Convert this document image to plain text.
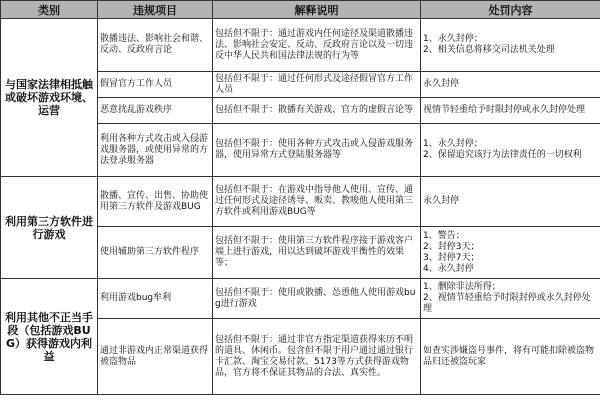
类别	违规项目	解释说明	处罚内容
与国家法律相抵触或破坏游戏环境、运营	散播违法、影响社会和谐、反动、反政府言论	包括但不限于：通过游戏内任何途径及渠道散播违法、影响社会安定、反动、反政府言论以及一切违反中华人民共和国法律法规的行为等	1、永久封停；
2、相关信息将移交司法机关处理
	假冒官方工作人员	包括但不限于：通过任何形式及途径假冒官方工作人员	永久封停
	恶意扰乱游戏秩序	包括但不限于：散播有关游戏、官方的虚假言论等	视情节轻重给予时限封停或永久封停处理
	利用各种方式攻击或入侵游戏服务器，或使用异常的方法登录服务器	包括但不限于：使用各种方式攻击或入侵游戏服务器，使用异常方式登陆服务器等	1、永久封停；
2、保留追究该行为法律责任的一切权利
利用第三方软件进行游戏	散播、宣传、出售、协助使用第三方软件及游戏BUG	包括但不限于：在游戏中指导他人使用、宣传、通过任何形式及途径诱导、贩卖、教唆他人使用第三方软件或利用游戏BUG等	永久封停
	使用辅助第三方软件程序	包括但不限于：使用第三方软件程序接于游戏客户端上进行游戏，用以达到破坏游戏平衡性的效果等；	1、警告；
2、封停3天；
3、封停7天；
4、永久封停
利用其他不正当手段（包括游戏BUG）获得游戏内利益	利用游戏bug牟利	包括但不限于：使用或散播、怂恿他人使用游戏bug进行游戏	1、删除非法所得；
2、视情节轻重给予时限封停或永久封停处理
	通过非游戏内正常渠道获得被盗物品	包括但不限于：通过非官方指定渠道获得来历不明的道具、休闲币。包含但不限于用户通过通过银行卡汇款、淘宝交易付款、5173等方式获得游戏物品，官方将不保证其物品的合法、真实性。	如查实涉嫌盗号事件，将有可能扣除被盗物品归还被盗玩家
